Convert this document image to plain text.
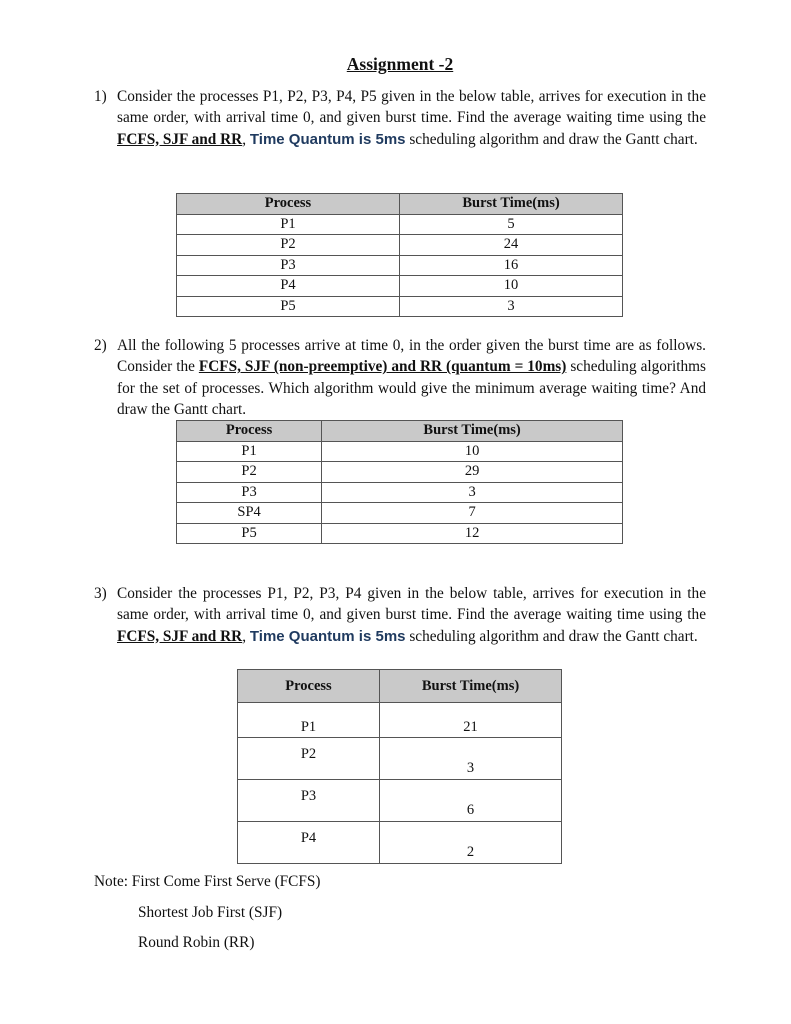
Assignment -2
1) Consider the processes P1, P2, P3, P4, P5 given in the below table, arrives for execution in the same order, with arrival time 0, and given burst time. Find the average waiting time using the FCFS, SJF and RR, Time Quantum is 5ms scheduling algorithm and draw the Gantt chart.
Process	Burst Time(ms)
P1	5
P2	24
P3	16
P4	10
P5	3
2) All the following 5 processes arrive at time 0, in the order given the burst time are as follows. Consider the FCFS, SJF (non-preemptive) and RR (quantum = 10ms) scheduling algorithms for the set of processes. Which algorithm would give the minimum average waiting time? And draw the Gantt chart.
Process	Burst Time(ms)
P1	10
P2	29
P3	3
SP4	7
P5	12
3) Consider the processes P1, P2, P3, P4 given in the below table, arrives for execution in the same order, with arrival time 0, and given burst time. Find the average waiting time using the FCFS, SJF and RR, Time Quantum is 5ms scheduling algorithm and draw the Gantt chart.
Process	Burst Time(ms)

P1	21
P2	3
P3	6
P4	2
Note: First Come First Serve (FCFS)
Shortest Job First (SJF)
Round Robin (RR)
